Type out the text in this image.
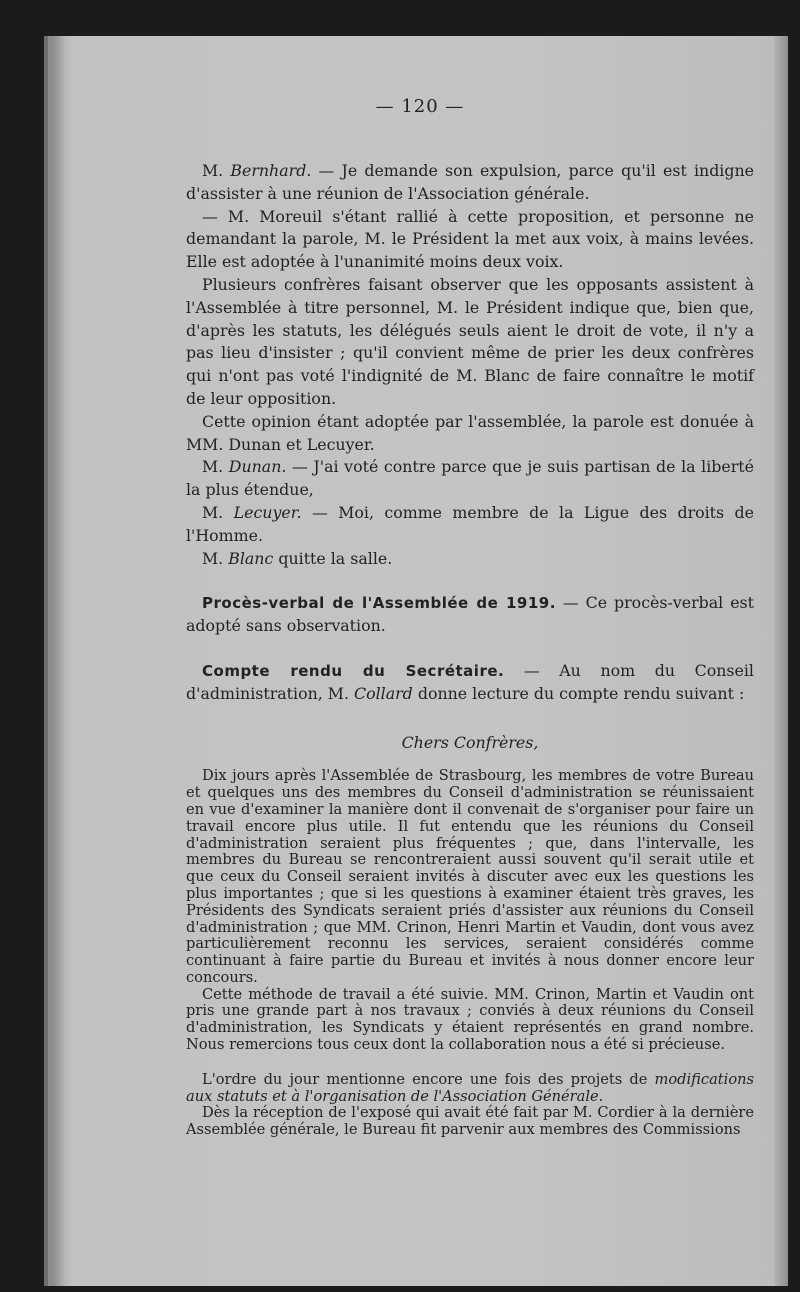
— 120 —

M. Bernhard. — Je demande son expulsion, parce qu'il est indigne d'assister à une réunion de l'Association générale.

— M. Moreuil s'étant rallié à cette proposition, et personne ne demandant la parole, M. le Président la met aux voix, à mains levées. Elle est adoptée à l'unanimité moins deux voix.

Plusieurs confrères faisant observer que les opposants assistent à l'Assemblée à titre personnel, M. le Président indique que, bien que, d'après les statuts, les délégués seuls aient le droit de vote, il n'y a pas lieu d'insister ; qu'il convient même de prier les deux confrères qui n'ont pas voté l'indignité de M. Blanc de faire connaître le motif de leur opposition.

Cette opinion étant adoptée par l'assemblée, la parole est donuée à MM. Dunan et Lecuyer.

M. Dunan. — J'ai voté contre parce que je suis partisan de la liberté la plus étendue,

M. Lecuyer. — Moi, comme membre de la Ligue des droits de l'Homme.

M. Blanc quitte la salle.

Procès-verbal de l'Assemblée de 1919. — Ce procès-verbal est adopté sans observation.

Compte rendu du Secrétaire. — Au nom du Conseil d'administration, M. Collard donne lecture du compte rendu suivant :

Chers Confrères,

Dix jours après l'Assemblée de Strasbourg, les membres de votre Bureau et quelques uns des membres du Conseil d'administration se réunissaient en vue d'examiner la manière dont il convenait de s'organiser pour faire un travail encore plus utile. Il fut entendu que les réunions du Conseil d'administration seraient plus fréquentes ; que, dans l'intervalle, les membres du Bureau se rencontreraient aussi souvent qu'il serait utile et que ceux du Conseil seraient invités à discuter avec eux les questions les plus importantes ; que si les questions à examiner étaient très graves, les Présidents des Syndicats seraient priés d'assister aux réunions du Conseil d'administration ; que MM. Crinon, Henri Martin et Vaudin, dont vous avez particulièrement reconnu les services, seraient considérés comme continuant à faire partie du Bureau et invités à nous donner encore leur concours.

Cette méthode de travail a été suivie. MM. Crinon, Martin et Vaudin ont pris une grande part à nos travaux ; conviés à deux réunions du Conseil d'administration, les Syndicats y étaient représentés en grand nombre. Nous remercions tous ceux dont la collaboration nous a été si précieuse.

L'ordre du jour mentionne encore une fois des projets de modifications aux statuts et à l'organisation de l'Association Générale.

Dès la réception de l'exposé qui avait été fait par M. Cordier à la dernière Assemblée générale, le Bureau fit parvenir aux membres des Commissions
